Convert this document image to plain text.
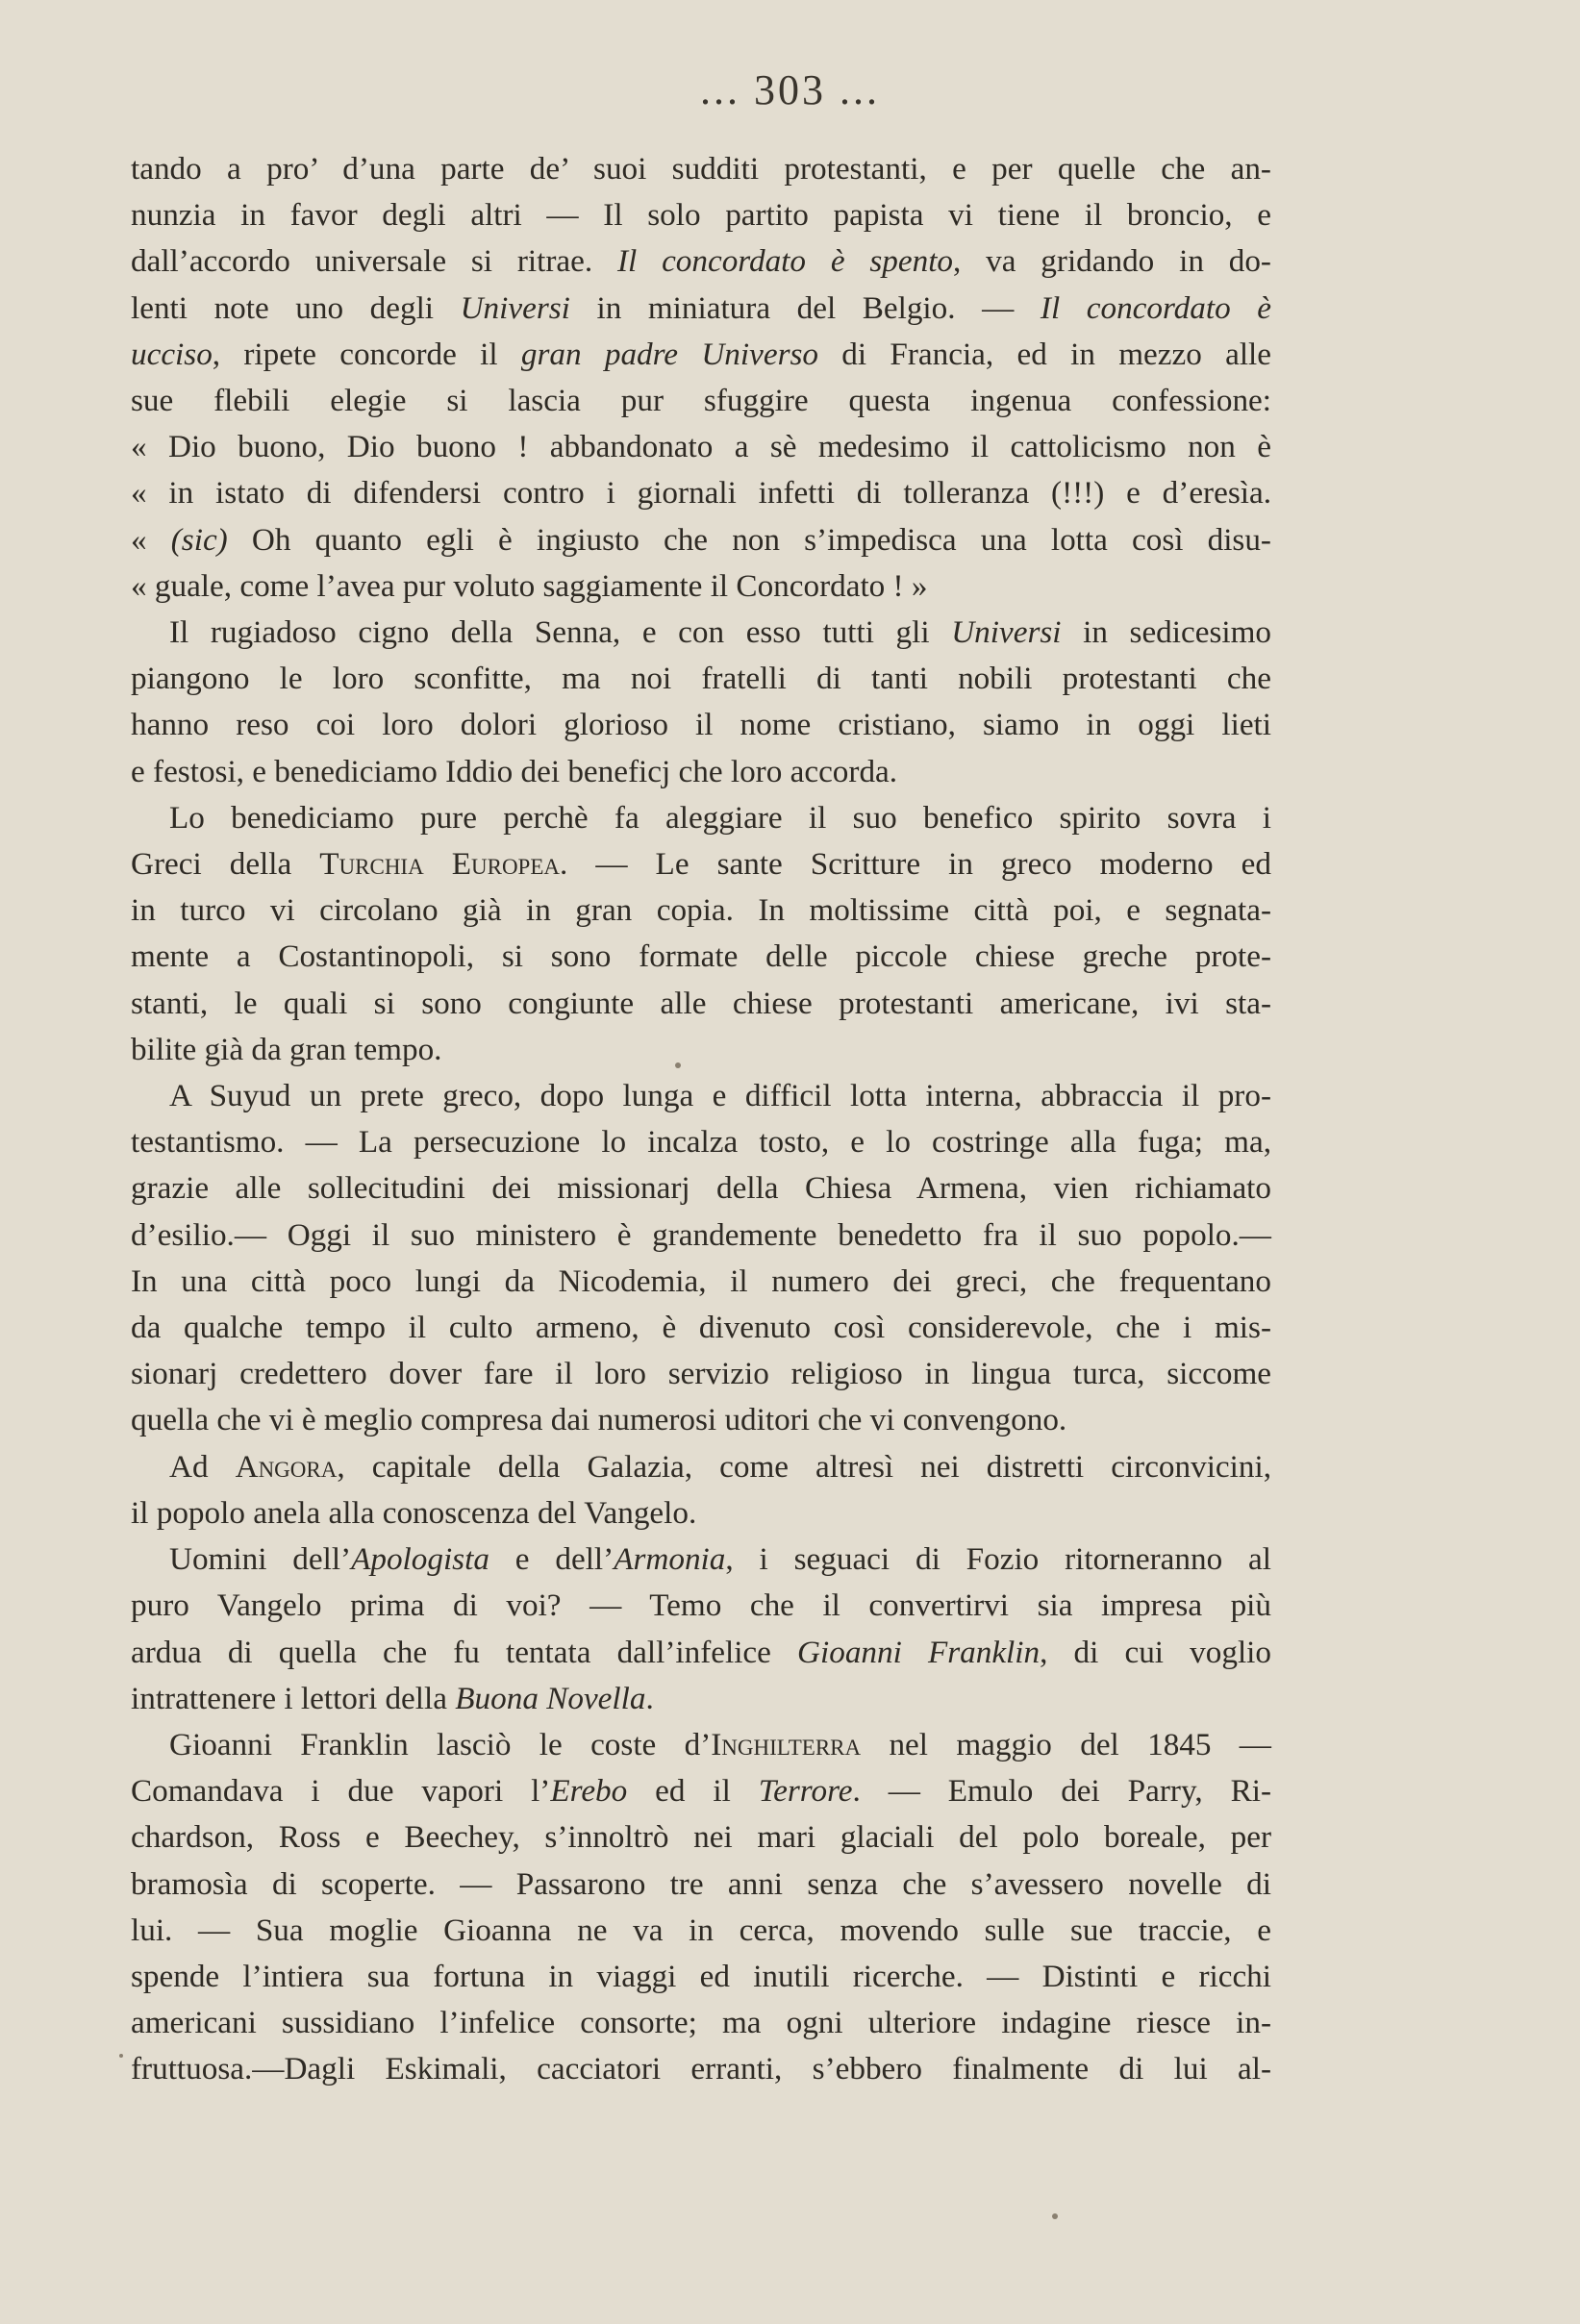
... 303 ...

tando a pro’ d’una parte de’ suoi sudditi protestanti, e per quelle che an-
nunzia in favor degli altri — Il solo partito papista vi tiene il broncio, e
dall’accordo universale si ritrae. Il concordato è spento, va gridando in do-
lenti note uno degli Universi in miniatura del Belgio. — Il concordato è
ucciso, ripete concorde il gran padre Universo di Francia, ed in mezzo alle
sue flebili elegie si lascia pur sfuggire questa ingenua confessione:
« Dio buono, Dio buono ! abbandonato a sè medesimo il cattolicismo non è
« in istato di difendersi contro i giornali infetti di tolleranza (!!!) e d’eresìa.
« (sic) Oh quanto egli è ingiusto che non s’impedisca una lotta così disu-
« guale, come l’avea pur voluto saggiamente il Concordato ! »

Il rugiadoso cigno della Senna, e con esso tutti gli Universi in sedicesimo
piangono le loro sconfitte, ma noi fratelli di tanti nobili protestanti che
hanno reso coi loro dolori glorioso il nome cristiano, siamo in oggi lieti
e festosi, e benediciamo Iddio dei beneficj che loro accorda.

Lo benediciamo pure perchè fa aleggiare il suo benefico spirito sovra i
Greci della Turchia Europea. — Le sante Scritture in greco moderno ed
in turco vi circolano già in gran copia. In moltissime città poi, e segnata-
mente a Costantinopoli, si sono formate delle piccole chiese greche prote-
stanti, le quali si sono congiunte alle chiese protestanti americane, ivi sta-
bilite già da gran tempo.

A Suyud un prete greco, dopo lunga e difficil lotta interna, abbraccia il pro-
testantismo. — La persecuzione lo incalza tosto, e lo costringe alla fuga; ma,
grazie alle sollecitudini dei missionarj della Chiesa Armena, vien richiamato
d’esilio.— Oggi il suo ministero è grandemente benedetto fra il suo popolo.—
In una città poco lungi da Nicodemia, il numero dei greci, che frequentano
da qualche tempo il culto armeno, è divenuto così considerevole, che i mis-
sionarj credettero dover fare il loro servizio religioso in lingua turca, siccome
quella che vi è meglio compresa dai numerosi uditori che vi convengono.

Ad Angora, capitale della Galazia, come altresì nei distretti circonvicini,
il popolo anela alla conoscenza del Vangelo.

Uomini dell’Apologista e dell’Armonia, i seguaci di Fozio ritorneranno al
puro Vangelo prima di voi? — Temo che il convertirvi sia impresa più
ardua di quella che fu tentata dall’infelice Gioanni Franklin, di cui voglio
intrattenere i lettori della Buona Novella.

Gioanni Franklin lasciò le coste d’Inghilterra nel maggio del 1845 —
Comandava i due vapori l’Erebo ed il Terrore. — Emulo dei Parry, Ri-
chardson, Ross e Beechey, s’innoltrò nei mari glaciali del polo boreale, per
bramosìa di scoperte. — Passarono tre anni senza che s’avessero novelle di
lui. — Sua moglie Gioanna ne va in cerca, movendo sulle sue traccie, e
spende l’intiera sua fortuna in viaggi ed inutili ricerche. — Distinti e ricchi
americani sussidiano l’infelice consorte; ma ogni ulteriore indagine riesce in-
fruttuosa.—Dagli Eskimali, cacciatori erranti, s’ebbero finalmente di lui al-
